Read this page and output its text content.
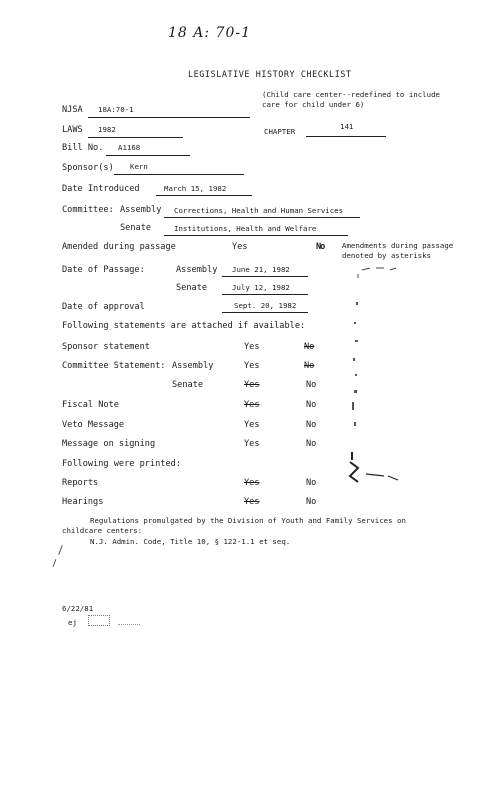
18 A: 70-1
LEGISLATIVE HISTORY CHECKLIST
(Child care center--redefined to include
care for child under 6)
NJSA 18A:70-1
LAWS 1982	CHAPTER
141
Bill No. A1168
Sponsor(s) Kern
Date Introduced	March 15, 1982
Committee: Assembly Corrections, Health and Human Services
Senate	Institutions, Health and Welfare
Amended during passage	Yes	No Amendments during passage
denoted by asterisks
Date of Passage:	Assembly June 21, 1982
Senate	July 12, 1982
Date of approval	Sept. 20, 1982
Following statements are attached if available:
Sponsor statement	Yes	No
Committee Statement: Assembly	Yes	No
Senate	Yes	No
Fiscal Note	Yes	No
Veto Message	Yes	No
Message on signing	Yes	No
Following were printed:
Reports	Yes	No
Hearings	Yes	No
Regulations promulgated by the Division of Youth and Family Services on
childcare centers:
N.J. Admin. Code, Title 10, § 122-1.1 et seq.
6/22/81
ej
